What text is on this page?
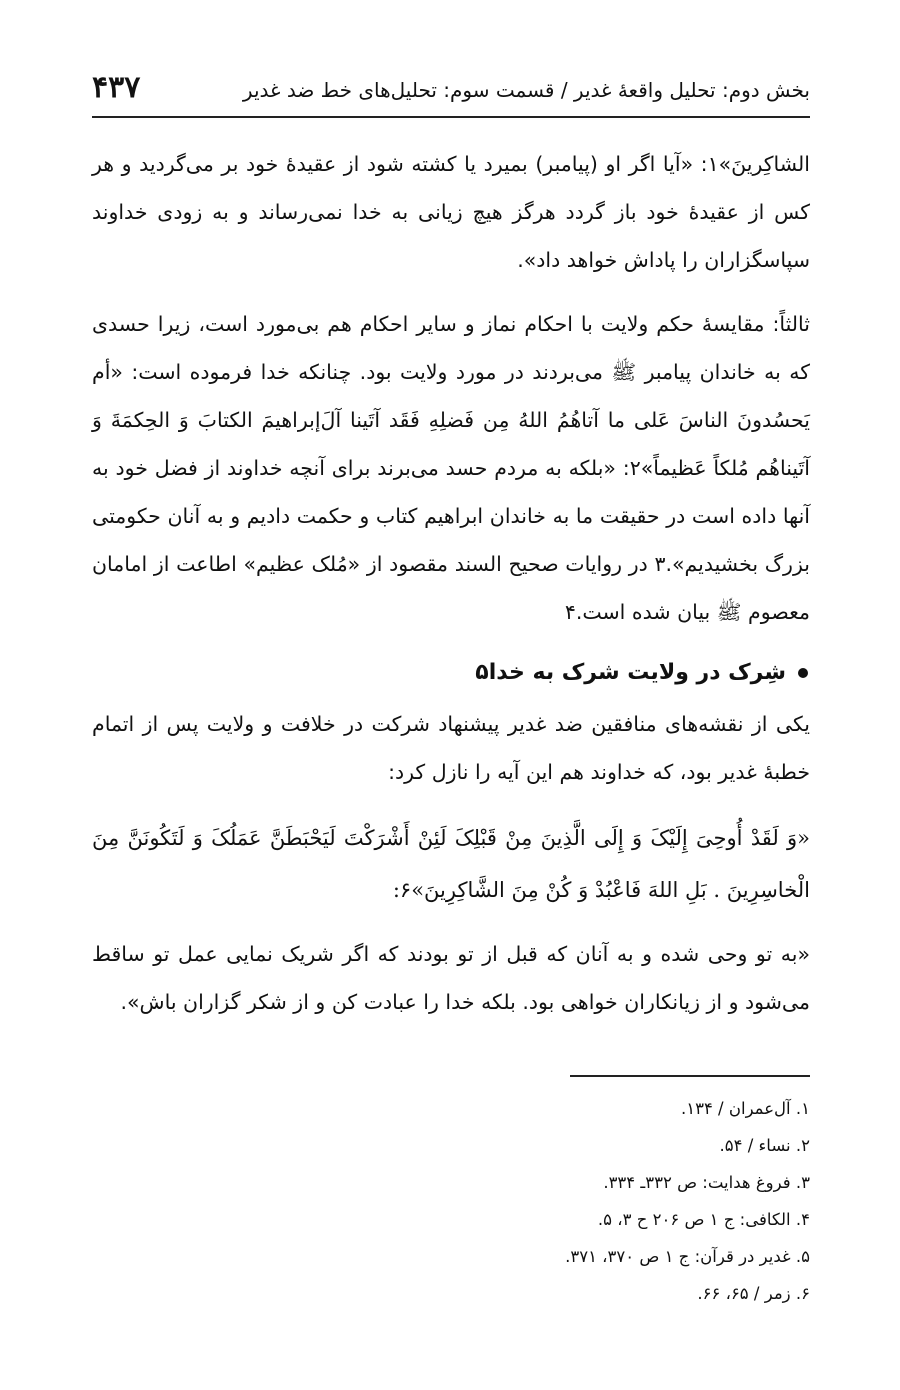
بخش دوم: تحلیل واقعهٔ غدیر / قسمت سوم: تحلیل‌های خط ضد غدیر
۴۳۷

الشاکِرینَ»۱: «آیا اگر او (پیامبر) بمیرد یا کشته شود از عقیدهٔ خود بر می‌گردید و هر کس از عقیدهٔ خود باز گردد هرگز هیچ زیانی به خدا نمی‌رساند و به زودی خداوند سپاسگزاران را پاداش خواهد داد».

ثالثاً: مقایسهٔ حکم ولایت با احکام نماز و سایر احکام هم بی‌مورد است، زیرا حسدی که به خاندان پیامبر ﷺ می‌بردند در مورد ولایت بود. چنانکه خدا فرموده است: «أم یَحسُدونَ الناسَ عَلی ما آتاهُمُ اللهُ مِن فَضلِهِ فَقَد آتَینا آلَ‌إبراهیمَ الکتابَ وَ الحِکمَةَ وَ آتَیناهُم مُلکاً عَظیماً»۲: «بلکه به مردم حسد می‌برند برای آنچه خداوند از فضل خود به آنها داده است در حقیقت ما به خاندان ابراهیم کتاب و حکمت دادیم و به آنان حکومتی بزرگ بخشیدیم».۳ در روایات صحیح السند مقصود از «مُلک عظیم» اطاعت از امامان معصوم ﷺ بیان شده است.۴

شِرک در ولایت شرک به خدا۵

یکی از نقشه‌های منافقین ضد غدیر پیشنهاد شرکت در خلافت و ولایت پس از اتمام خطبهٔ غدیر بود، که خداوند هم این آیه را نازل کرد:

«وَ لَقَدْ أُوحِیَ إِلَیْکَ وَ إِلَی الَّذِینَ مِنْ قَبْلِکَ لَئِنْ أَشْرَکْتَ لَیَحْبَطَنَّ عَمَلُکَ وَ لَتَکُونَنَّ مِنَ الْخاسِرِینَ . بَلِ اللهَ فَاعْبُدْ وَ کُنْ مِنَ الشَّاکِرِینَ»۶:

«به تو وحی شده و به آنان که قبل از تو بودند که اگر شریک نمایی عمل تو ساقط می‌شود و از زیانکاران خواهی بود. بلکه خدا را عبادت کن و از شکر گزاران باش».

۱. آل‌عمران / ۱۳۴.
۲. نساء / ۵۴.
۳. فروغ هدایت: ص ۳۳۲ـ ۳۳۴.
۴. الکافی: ج ۱ ص ۲۰۶ ح ۳، ۵.
۵. غدیر در قرآن: ج ۱ ص ۳۷۰، ۳۷۱.
۶. زمر / ۶۵، ۶۶.
